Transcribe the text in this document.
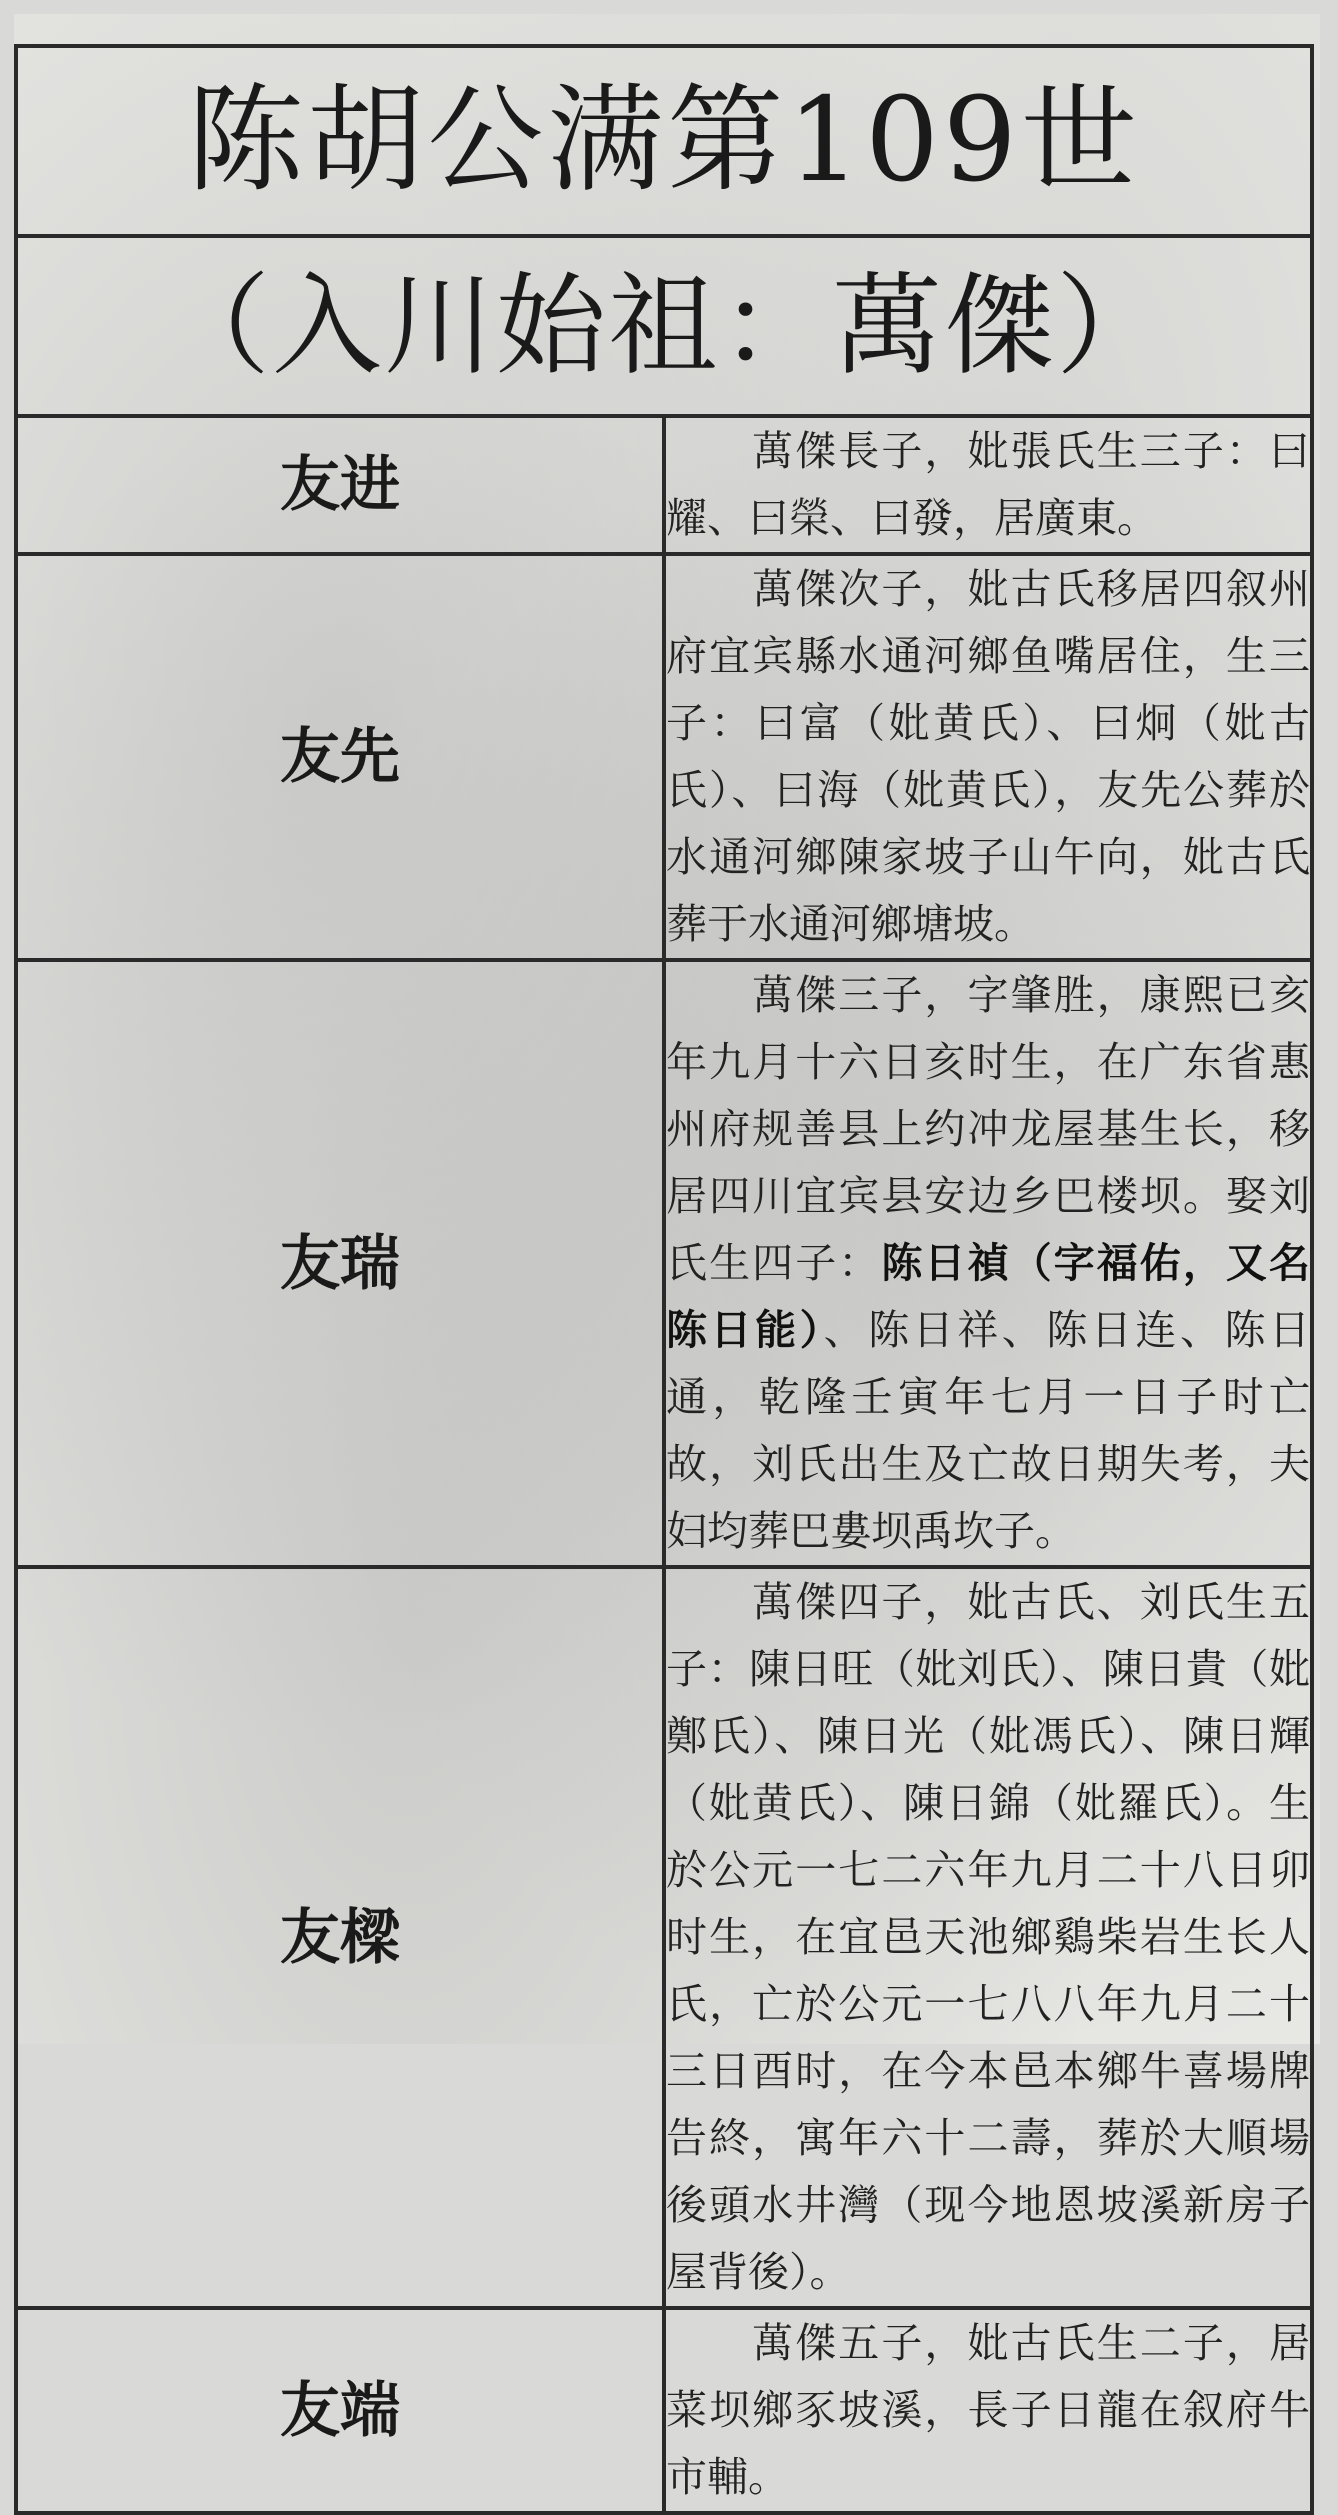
陈胡公满第109世	
（入川始祖：萬傑）	
友进	萬傑長子，妣張氏生三子：曰耀、曰榮、曰發，居廣東。
友先	萬傑次子，妣古氏移居四叙州府宜宾縣水通河鄉鱼嘴居住，生三子：曰富（妣黄氏）、曰炯（妣古氏）、曰海（妣黄氏），友先公葬於水通河鄉陳家坡子山午向，妣古氏葬于水通河鄉塘坡。
友瑞	萬傑三子，字肇胜，康熙已亥年九月十六日亥时生，在广东省惠州府规善县上约冲龙屋基生长，移居四川宜宾县安边乡巴楼坝。娶刘氏生四子：陈日禎（字福佑，又名陈日能）、陈日祥、陈日连、陈日通，乾隆壬寅年七月一日子时亡故，刘氏出生及亡故日期失考，夫妇均葬巴婁坝禹坎子。
友樑	萬傑四子，妣古氏、刘氏生五子：陳日旺（妣刘氏）、陳日貴（妣鄭氏）、陳日光（妣馮氏）、陳日輝（妣黄氏）、陳日錦（妣羅氏）。生於公元一七二六年九月二十八日卯时生，在宜邑天池鄉鷄柴岩生长人氏，亡於公元一七八八年九月二十三日酉时，在今本邑本鄉牛喜場牌告終，寓年六十二壽，葬於大順場後頭水井灣（现今地恩坡溪新房子屋背後）。
友端	萬傑五子，妣古氏生二子，居菜坝鄉豕坡溪，長子日龍在叙府牛市輔。
